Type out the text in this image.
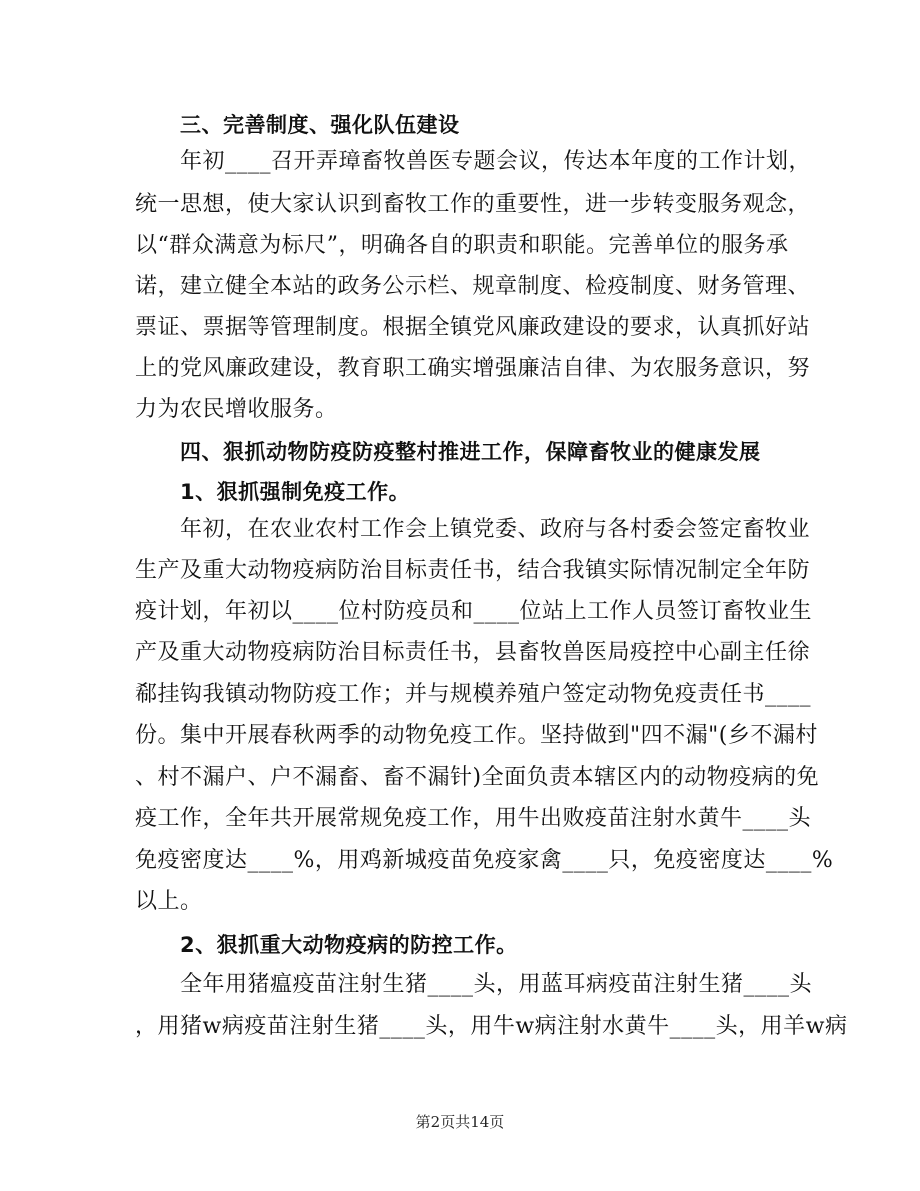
三、完善制度、强化队伍建设
年初____召开弄璋畜牧兽医专题会议，传达本年度的工作计划，
统一思想，使大家认识到畜牧工作的重要性，进一步转变服务观念，
以“群众满意为标尺”，明确各自的职责和职能。完善单位的服务承
诺，建立健全本站的政务公示栏、规章制度、检疫制度、财务管理、
票证、票据等管理制度。根据全镇党风廉政建设的要求，认真抓好站
上的党风廉政建设，教育职工确实增强廉洁自律、为农服务意识，努
力为农民增收服务。
四、狠抓动物防疫防疫整村推进工作，保障畜牧业的健康发展
1、狠抓强制免疫工作。
年初，在农业农村工作会上镇党委、政府与各村委会签定畜牧业
生产及重大动物疫病防治目标责任书，结合我镇实际情况制定全年防
疫计划，年初以____位村防疫员和____位站上工作人员签订畜牧业生
产及重大动物疫病防治目标责任书，县畜牧兽医局疫控中心副主任徐
郗挂钩我镇动物防疫工作；并与规模养殖户签定动物免疫责任书____
份。集中开展春秋两季的动物免疫工作。坚持做到"四不漏"(乡不漏村
、村不漏户、户不漏畜、畜不漏针)全面负责本辖区内的动物疫病的免
疫工作，全年共开展常规免疫工作，用牛出败疫苗注射水黄牛____头
免疫密度达____%，用鸡新城疫苗免疫家禽____只，免疫密度达____%
以上。
2、狠抓重大动物疫病的防控工作。
全年用猪瘟疫苗注射生猪____头，用蓝耳病疫苗注射生猪____头
，用猪w病疫苗注射生猪____头，用牛w病注射水黄牛____头，用羊w病
第2页共14页
